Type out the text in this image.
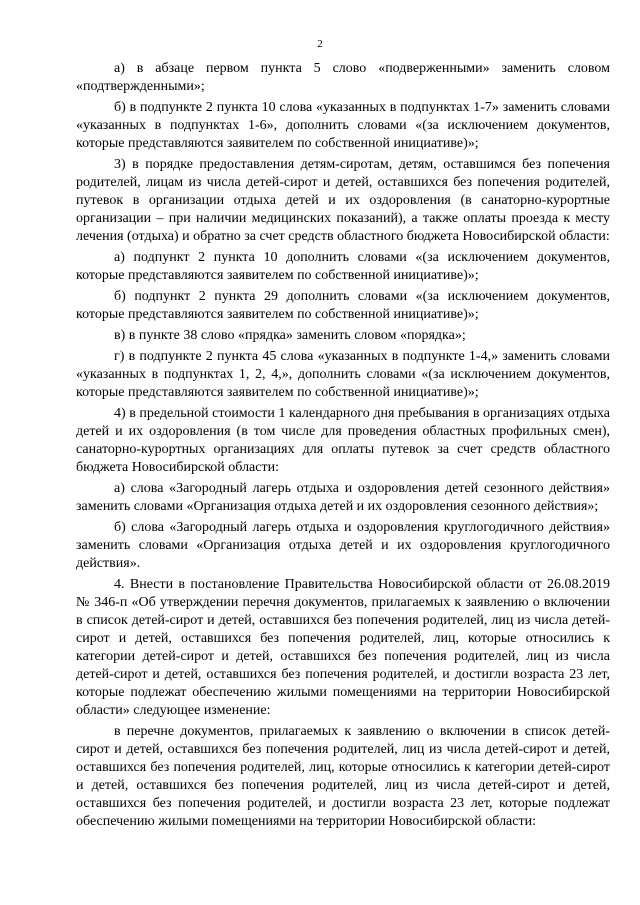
2

а) в абзаце первом пункта 5 слово «подверженными» заменить словом «подтвержденными»;

б) в подпункте 2 пункта 10 слова «указанных в подпунктах 1-7» заменить словами «указанных в подпунктах 1-6», дополнить словами «(за исключением документов, которые представляются заявителем по собственной инициативе)»;

3) в порядке предоставления детям-сиротам, детям, оставшимся без попечения родителей, лицам из числа детей-сирот и детей, оставшихся без попечения родителей, путевок в организации отдыха детей и их оздоровления (в санаторно-курортные организации – при наличии медицинских показаний), а также оплаты проезда к месту лечения (отдыха) и обратно за счет средств областного бюджета Новосибирской области:

а) подпункт 2 пункта 10 дополнить словами «(за исключением документов, которые представляются заявителем по собственной инициативе)»;

б) подпункт 2 пункта 29 дополнить словами «(за исключением документов, которые представляются заявителем по собственной инициативе)»;

в) в пункте 38 слово «прядка» заменить словом «порядка»;

г) в подпункте 2 пункта 45 слова «указанных в подпункте 1-4,» заменить словами «указанных в подпунктах 1, 2, 4,», дополнить словами «(за исключением документов, которые представляются заявителем по собственной инициативе)»;

4) в предельной стоимости 1 календарного дня пребывания в организациях отдыха детей и их оздоровления (в том числе для проведения областных профильных смен), санаторно-курортных организациях для оплаты путевок за счет средств областного бюджета Новосибирской области:

а) слова «Загородный лагерь отдыха и оздоровления детей сезонного действия» заменить словами «Организация отдыха детей и их оздоровления сезонного действия»;

б) слова «Загородный лагерь отдыха и оздоровления круглогодичного действия» заменить словами «Организация отдыха детей и их оздоровления круглогодичного действия».

4. Внести в постановление Правительства Новосибирской области от 26.08.2019 № 346-п «Об утверждении перечня документов, прилагаемых к заявлению о включении в список детей-сирот и детей, оставшихся без попечения родителей, лиц из числа детей-сирот и детей, оставшихся без попечения родителей, лиц, которые относились к категории детей-сирот и детей, оставшихся без попечения родителей, лиц из числа детей-сирот и детей, оставшихся без попечения родителей, и достигли возраста 23 лет, которые подлежат обеспечению жилыми помещениями на территории Новосибирской области» следующее изменение:

в перечне документов, прилагаемых к заявлению о включении в список детей-сирот и детей, оставшихся без попечения родителей, лиц из числа детей-сирот и детей, оставшихся без попечения родителей, лиц, которые относились к категории детей-сирот и детей, оставшихся без попечения родителей, лиц из числа детей-сирот и детей, оставшихся без попечения родителей, и достигли возраста 23 лет, которые подлежат обеспечению жилыми помещениями на территории Новосибирской области:
